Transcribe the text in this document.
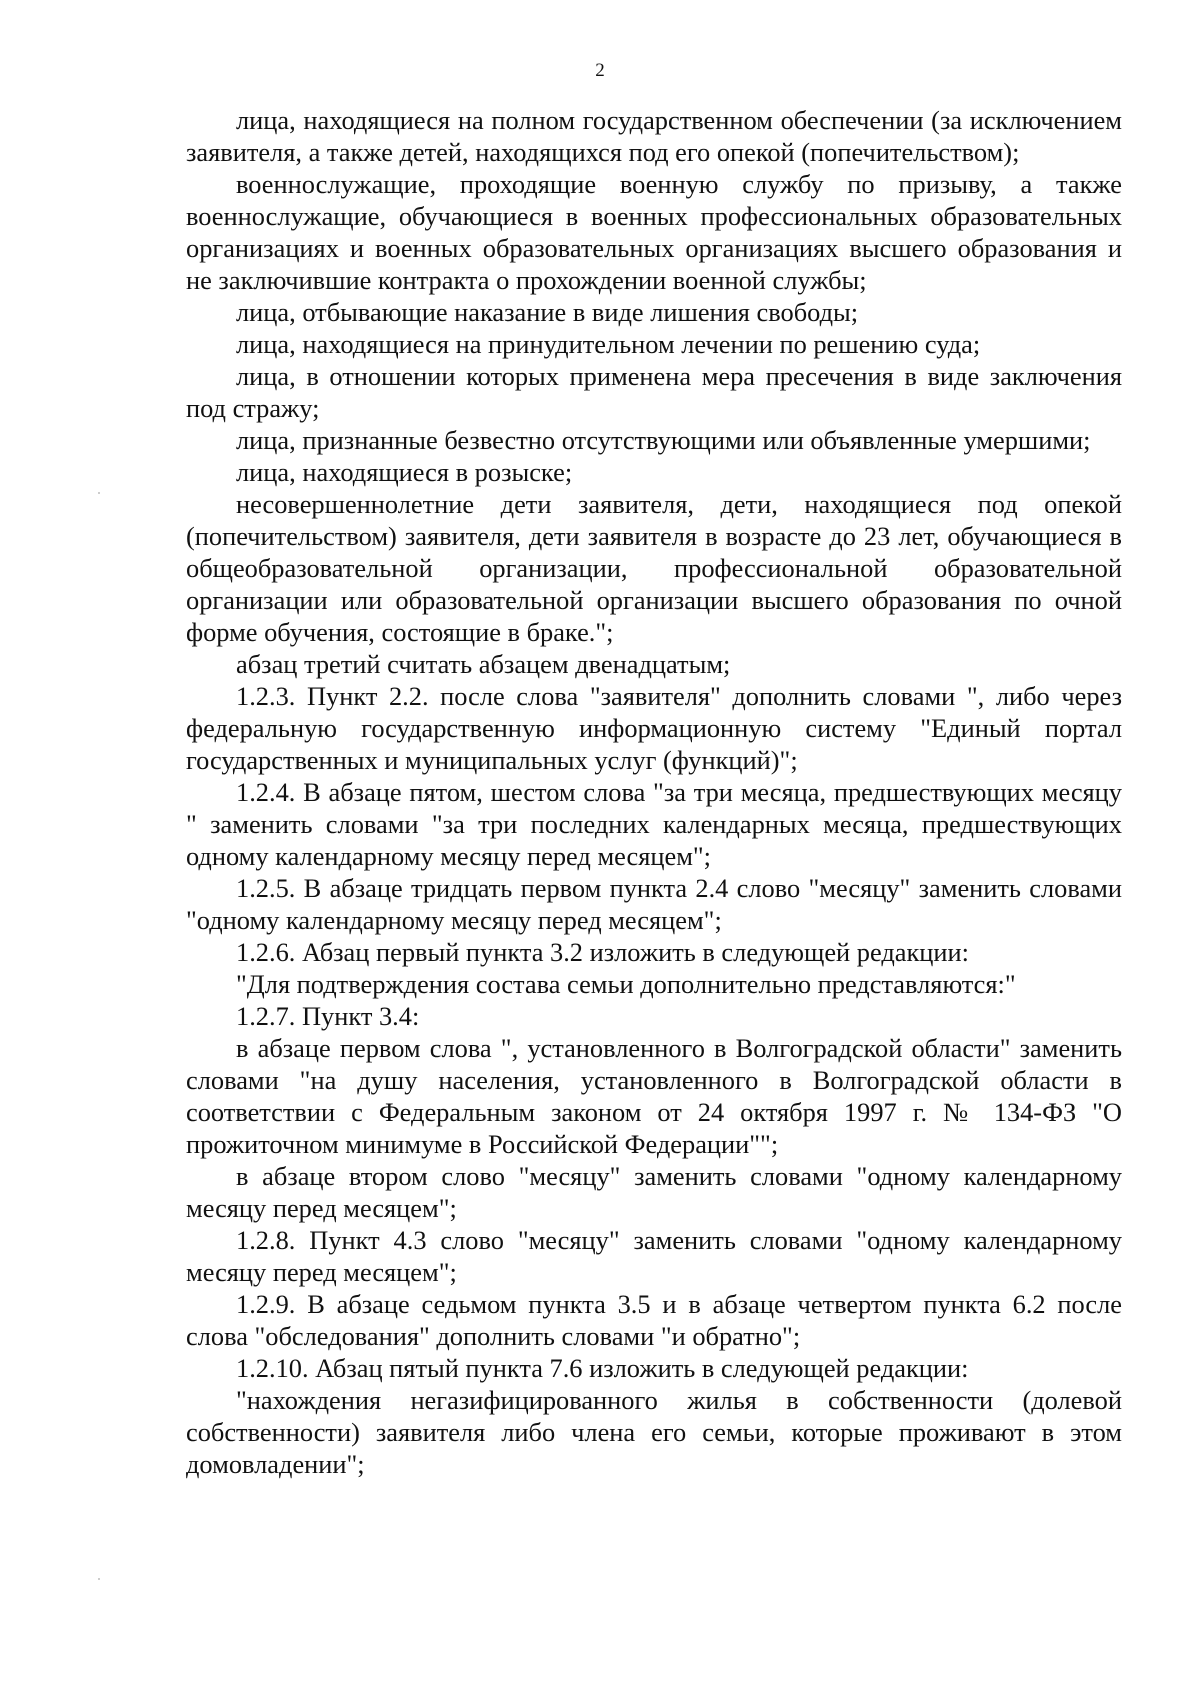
2

лица, находящиеся на полном государственном обеспечении (за исключением заявителя, а также детей, находящихся под его опекой (попечительством);

военнослужащие, проходящие военную службу по призыву, а также военнослужащие, обучающиеся в военных профессиональных образовательных организациях и военных образовательных организациях высшего образования и не заключившие контракта о прохождении военной службы;

лица, отбывающие наказание в виде лишения свободы;

лица, находящиеся на принудительном лечении по решению суда;

лица, в отношении которых применена мера пресечения в виде заключения под стражу;

лица, признанные безвестно отсутствующими или объявленные умершими;

лица, находящиеся в розыске;

несовершеннолетние дети заявителя, дети, находящиеся под опекой (попечительством) заявителя, дети заявителя в возрасте до 23 лет, обучающиеся в общеобразовательной организации, профессиональной образовательной организации или образовательной организации высшего образования по очной форме обучения, состоящие в браке.";

абзац третий считать абзацем двенадцатым;

1.2.3. Пункт 2.2. после слова "заявителя" дополнить словами ", либо через федеральную государственную информационную систему "Единый портал государственных и муниципальных услуг (функций)";

1.2.4. В абзаце пятом, шестом слова "за три месяца, предшествующих месяцу " заменить словами "за три последних календарных месяца, предшествующих одному календарному месяцу перед месяцем";

1.2.5. В абзаце тридцать первом пункта 2.4 слово "месяцу" заменить словами "одному календарному месяцу перед месяцем";

1.2.6. Абзац первый пункта 3.2 изложить в следующей редакции:

"Для подтверждения состава семьи дополнительно представляются:"

1.2.7. Пункт 3.4:

в абзаце первом слова ", установленного в Волгоградской области" заменить словами "на душу населения, установленного в Волгоградской области в соответствии с Федеральным законом от 24 октября 1997 г. № 134-ФЗ "О прожиточном минимуме в Российской Федерации"";

в абзаце втором слово "месяцу" заменить словами "одному календарному месяцу перед месяцем";

1.2.8. Пункт 4.3 слово "месяцу" заменить словами "одному календарному месяцу перед месяцем";

1.2.9. В абзаце седьмом пункта 3.5 и в абзаце четвертом пункта 6.2 после слова "обследования" дополнить словами "и обратно";

1.2.10. Абзац пятый пункта 7.6 изложить в следующей редакции:

"нахождения негазифицированного жилья в собственности (долевой собственности) заявителя либо члена его семьи, которые проживают в этом домовладении";
